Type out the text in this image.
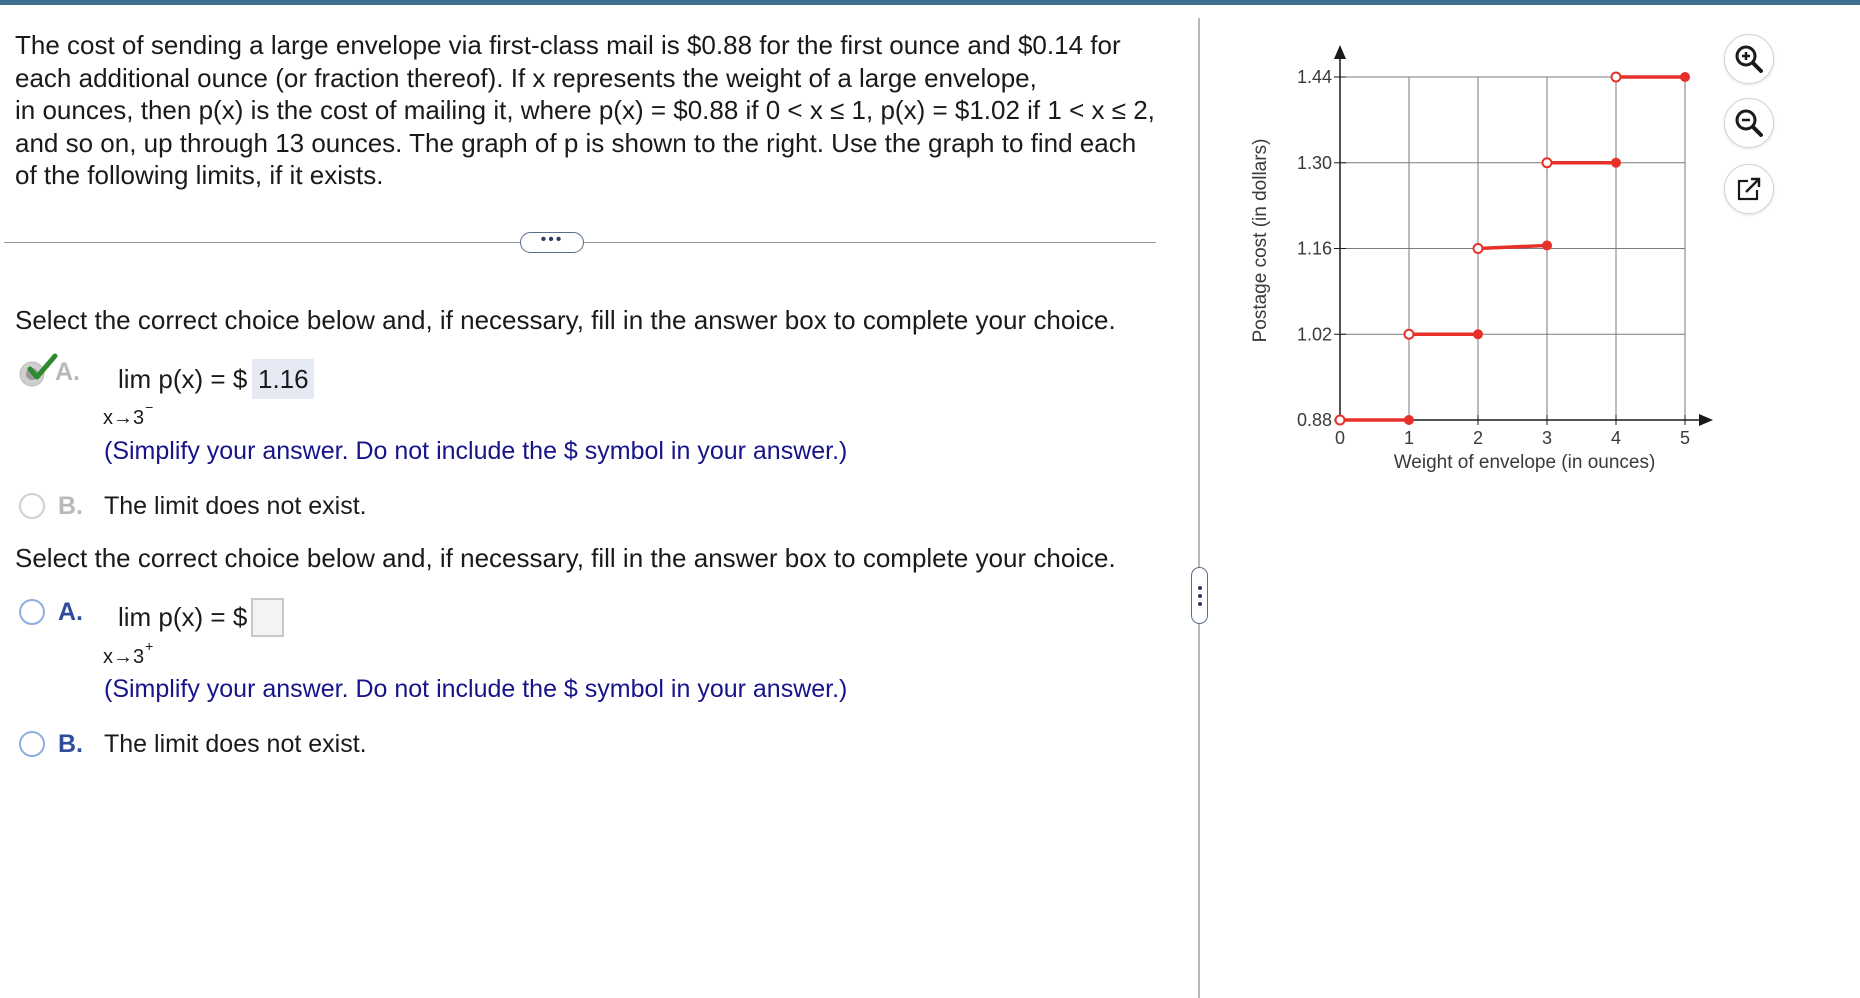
The cost of sending a large envelope via first-class mail is $0.88 for the first ounce and $0.14 for
each additional ounce (or fraction thereof). If x represents the weight of a large envelope,
in ounces, then p(x) is the cost of mailing it, where p(x) = $0.88 if 0 < x ≤ 1, p(x) = $1.02 if 1 < x ≤ 2,
and so on, up through 13 ounces. The graph of p is shown to the right. Use the graph to find each
of the following limits, if it exists.
•••
Select the correct choice below and, if necessary, fill in the answer box to complete your choice.
A. lim p(x) = $ 1.16
x→3−
(Simplify your answer. Do not include the $ symbol in your answer.)
B. The limit does not exist.
Select the correct choice below and, if necessary, fill in the answer box to complete your choice.
A. lim p(x) = $
x→3+
(Simplify your answer. Do not include the $ symbol in your answer.)
B. The limit does not exist.
0	1	2	3	4	5
0.88
1.02
1.16
1.30
1.44
Weight of envelope (in ounces)
Postage cost (in dollars)
